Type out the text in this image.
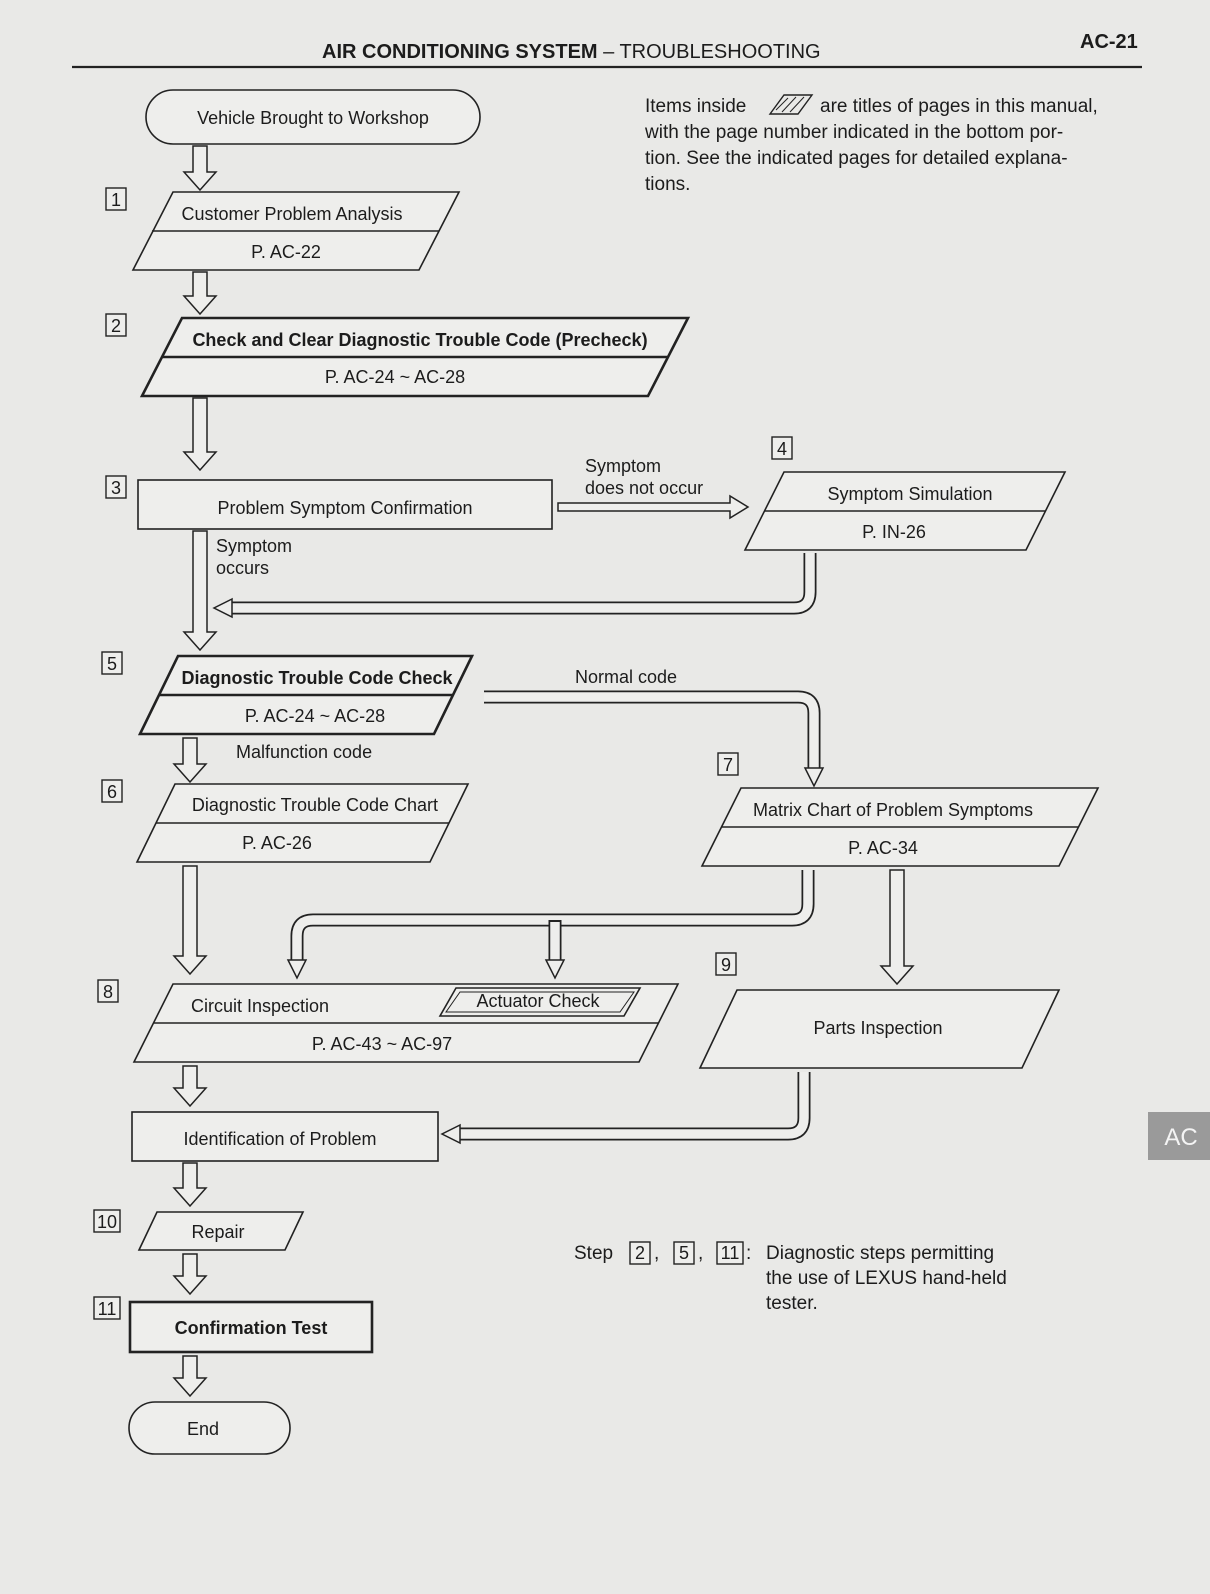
AIR CONDITIONING SYSTEM – TROUBLESHOOTING	AC-21
Items inside	are titles of pages in this manual,
with the page number indicated in the bottom por-
tion. See the indicated pages for detailed explana-
tions.
Vehicle Brought to Workshop
1
Customer Problem Analysis
P. AC-22
2
Check and Clear Diagnostic Trouble Code (Precheck)
P. AC-24 ~ AC-28
3
Problem Symptom Confirmation
4
Symptom Simulation
P. IN-26
5
Diagnostic Trouble Code Check
P. AC-24 ~ AC-28
6
Diagnostic Trouble Code Chart
P. AC-26
7
Matrix Chart of Problem Symptoms
P. AC-34
8
Circuit Inspection	Actuator Check
P. AC-43 ~ AC-97
9
Parts Inspection
Identification of Problem
10	Repair
11
Confirmation Test
End
Symptom
does not occur
Symptom
occurs
Normal code
Malfunction code
Step 2 , 5 , 11 : Diagnostic steps permitting
the use of LEXUS hand-held
tester.
AC
